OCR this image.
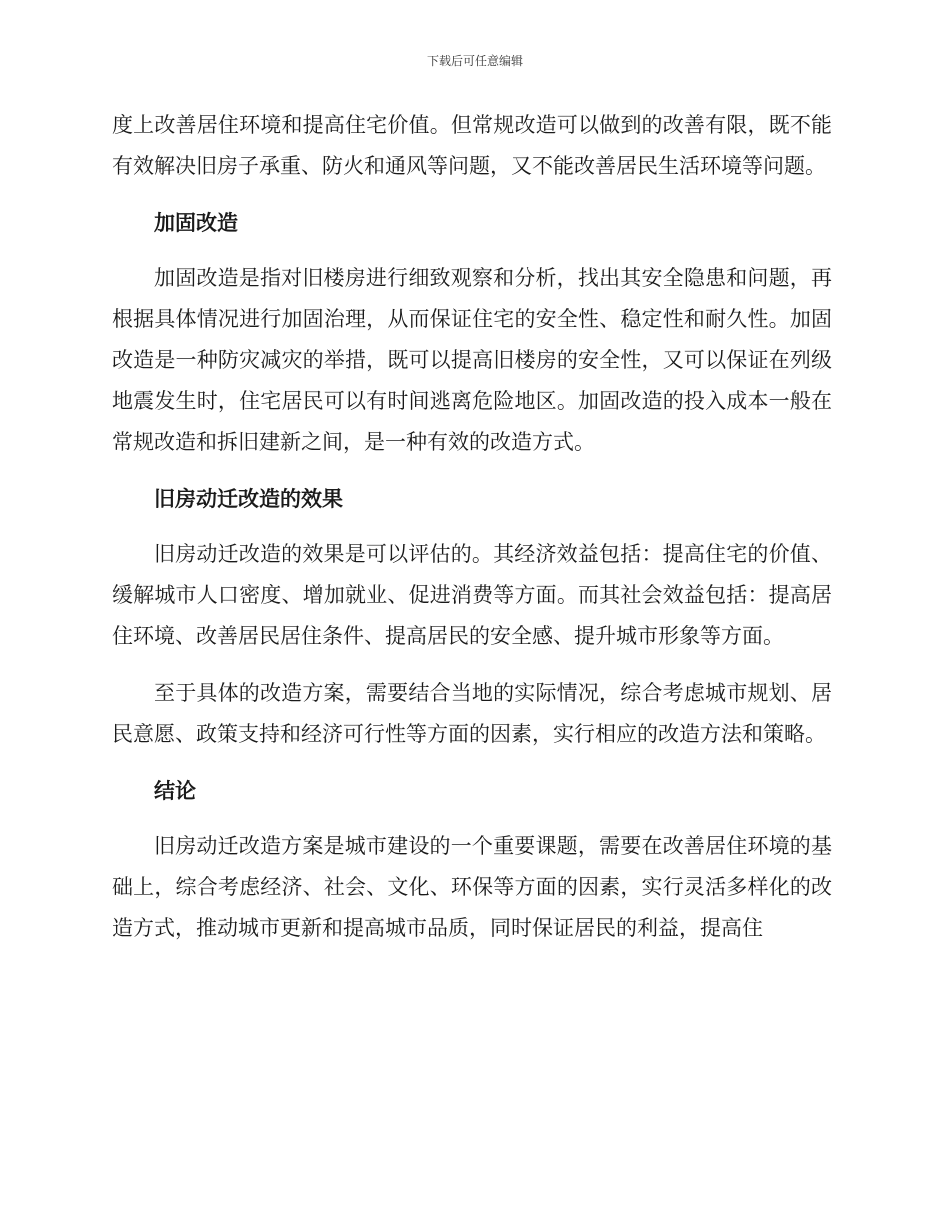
下载后可任意编辑

度上改善居住环境和提高住宅价值。但常规改造可以做到的改善有限，既不能有效解决旧房子承重、防火和通风等问题，又不能改善居民生活环境等问题。

加固改造

加固改造是指对旧楼房进行细致观察和分析，找出其安全隐患和问题，再根据具体情况进行加固治理，从而保证住宅的安全性、稳定性和耐久性。加固改造是一种防灾减灾的举措，既可以提高旧楼房的安全性，又可以保证在列级地震发生时，住宅居民可以有时间逃离危险地区。加固改造的投入成本一般在常规改造和拆旧建新之间，是一种有效的改造方式。

旧房动迁改造的效果

旧房动迁改造的效果是可以评估的。其经济效益包括：提高住宅的价值、缓解城市人口密度、增加就业、促进消费等方面。而其社会效益包括：提高居住环境、改善居民居住条件、提高居民的安全感、提升城市形象等方面。

至于具体的改造方案，需要结合当地的实际情况，综合考虑城市规划、居民意愿、政策支持和经济可行性等方面的因素，实行相应的改造方法和策略。

结论

旧房动迁改造方案是城市建设的一个重要课题，需要在改善居住环境的基础上，综合考虑经济、社会、文化、环保等方面的因素，实行灵活多样化的改造方式，推动城市更新和提高城市品质，同时保证居民的利益，提高住
